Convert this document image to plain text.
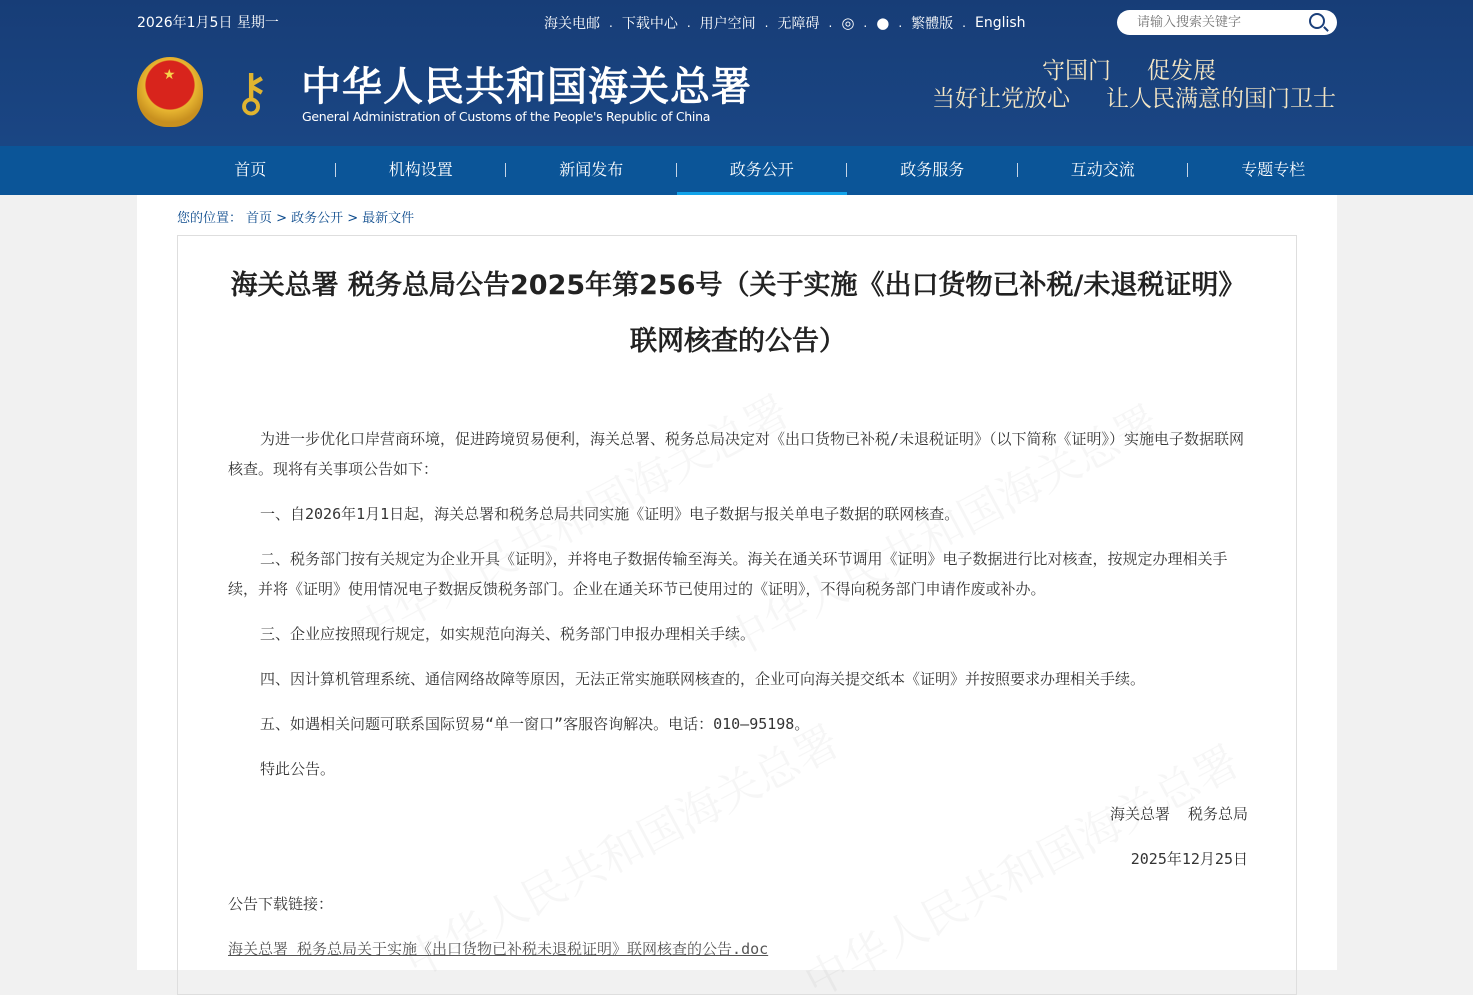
2026年1月5日 星期一	海关电邮 . 下载中心 . 用户空间 . 无障碍 . ◎ . ● . 繁體版 . English
请输入搜索关键字
★ ⚷ 中华人民共和国海关总署
General Administration of Customs of the People's Republic of China
守国门 促发展
当好让党放心 让人民满意的国门卫士
首页	机构设置	新闻发布	政务公开	政务服务	互动交流	专题专栏
您的位置： 首页 > 政务公开 > 最新文件
海关总署 税务总局公告2025年第256号（关于实施《出口货物已补税/未退税证明》联网核查的公告）

为进一步优化口岸营商环境，促进跨境贸易便利，海关总署、税务总局决定对《出口货物已补税/未退税证明》（以下简称《证明》）实施电子数据联网核查。现将有关事项公告如下：

一、自2026年1月1日起，海关总署和税务总局共同实施《证明》电子数据与报关单电子数据的联网核查。

二、税务部门按有关规定为企业开具《证明》，并将电子数据传输至海关。海关在通关环节调用《证明》电子数据进行比对核查，按规定办理相关手续，并将《证明》使用情况电子数据反馈税务部门。企业在通关环节已使用过的《证明》，不得向税务部门申请作废或补办。

三、企业应按照现行规定，如实规范向海关、税务部门申报办理相关手续。

四、因计算机管理系统、通信网络故障等原因，无法正常实施联网核查的，企业可向海关提交纸本《证明》并按照要求办理相关手续。

五、如遇相关问题可联系国际贸易“单一窗口”客服咨询解决。电话：010—95198。

特此公告。

海关总署  税务总局

2025年12月25日

公告下载链接：

海关总署 税务总局关于实施《出口货物已补税未退税证明》联网核查的公告.doc
